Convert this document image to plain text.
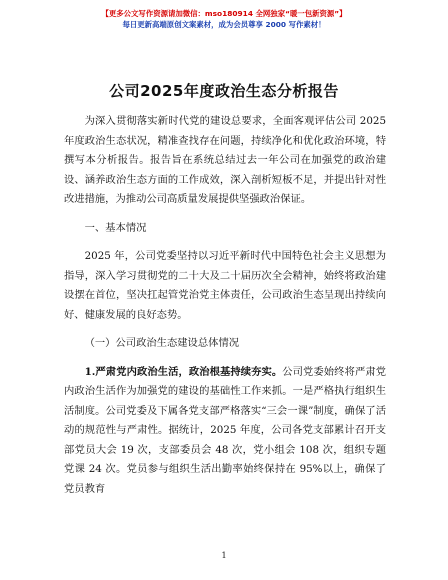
【更多公文写作资源请加微信：mso180914 全网独家“暖一包新资源”】
每日更新高端原创文案素材，成为会员尊享 2000 写作素材！
公司2025年度政治生态分析报告

为深入贯彻落实新时代党的建设总要求，全面客观评估公司 2025 年度政治生态状况，精准查找存在问题，持续净化和优化政治环境，特撰写本分析报告。报告旨在系统总结过去一年公司在加强党的政治建设、涵养政治生态方面的工作成效，深入剖析短板不足，并提出针对性改进措施，为推动公司高质量发展提供坚强政治保证。

一、基本情况

2025 年，公司党委坚持以习近平新时代中国特色社会主义思想为指导，深入学习贯彻党的二十大及二十届历次全会精神，始终将政治建设摆在首位，坚决扛起管党治党主体责任，公司政治生态呈现出持续向好、健康发展的良好态势。

（一）公司政治生态建设总体情况

1.严肃党内政治生活，政治根基持续夯实。公司党委始终将严肃党内政治生活作为加强党的建设的基础性工作来抓。一是严格执行组织生活制度。公司党委及下属各党支部严格落实“三会一课”制度，确保了活动的规范性与严肃性。据统计，2025 年度，公司各党支部累计召开支部党员大会 19 次，支部委员会 48 次，党小组会 108 次，组织专题党课 24 次。党员参与组织生活出勤率始终保持在 95%以上，确保了党员教育

1
